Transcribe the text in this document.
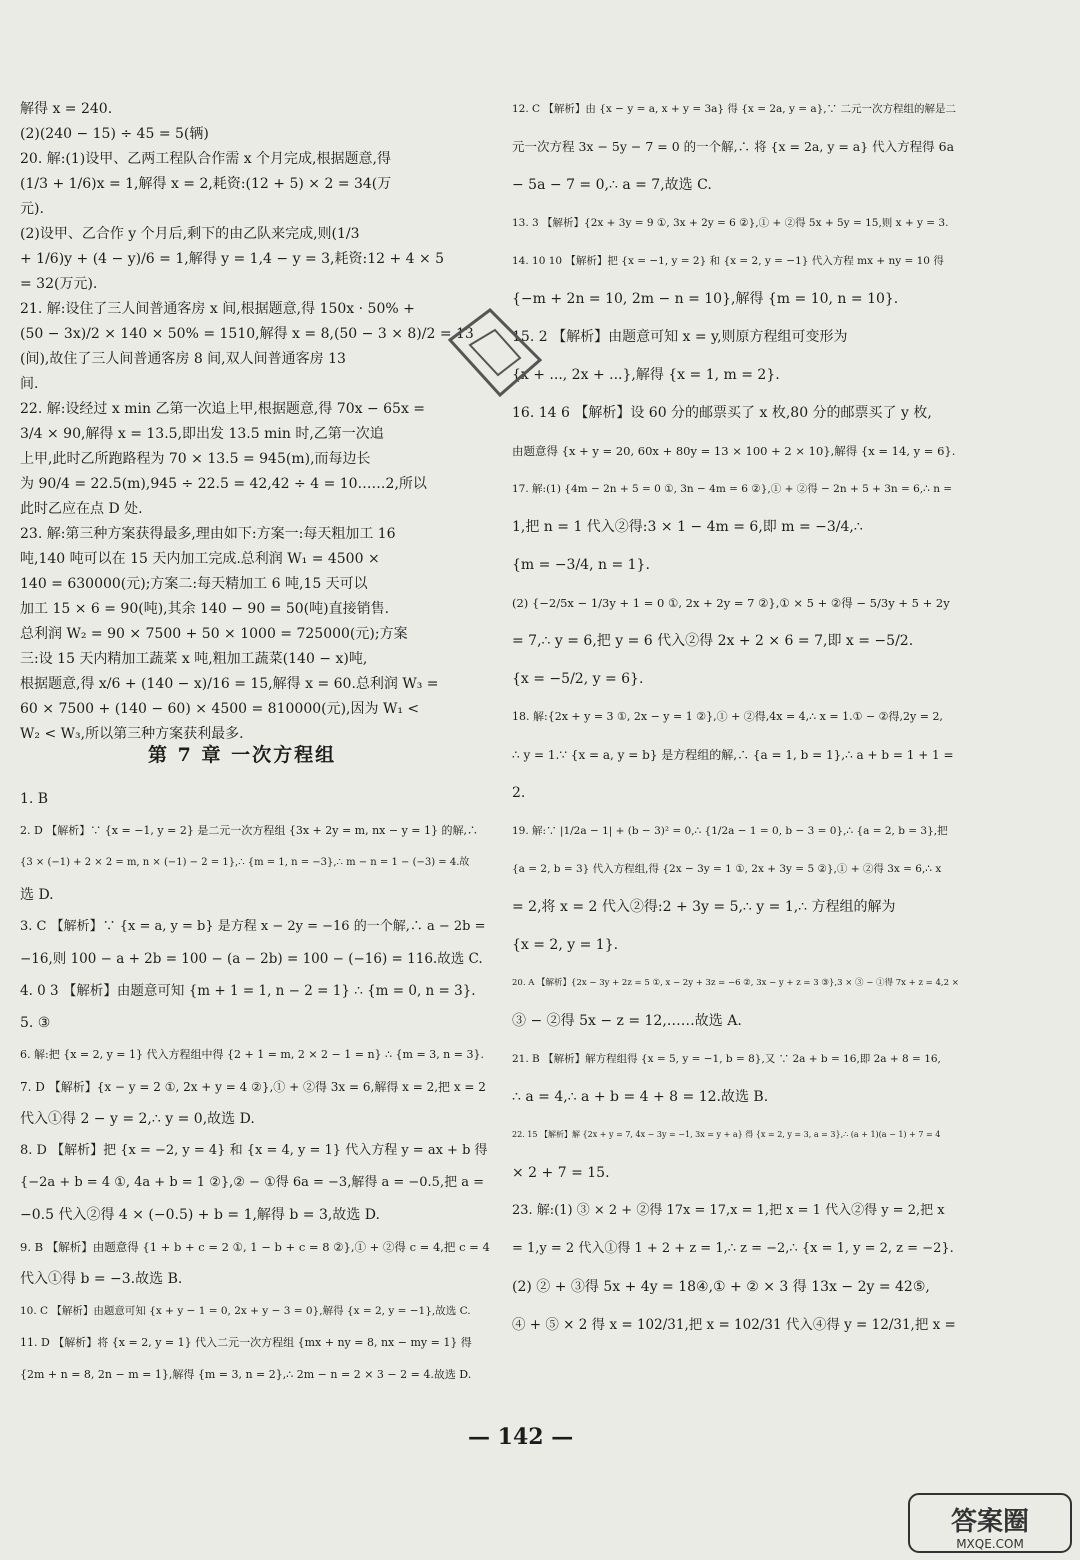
解得 x = 240.
(2)(240 − 15) ÷ 45 = 5(辆)
20. 解:(1)设甲、乙两工程队合作需 x 个月完成,根据题意,得
(1/3 + 1/6)x = 1,解得 x = 2,耗资:(12 + 5) × 2 = 34(万
元).
(2)设甲、乙合作 y 个月后,剩下的由乙队来完成,则(1/3
+ 1/6)y + (4 − y)/6 = 1,解得 y = 1,4 − y = 3,耗资:12 + 4 × 5
= 32(万元).
21. 解:设住了三人间普通客房 x 间,根据题意,得 150x · 50% +
(50 − 3x)/2 × 140 × 50% = 1510,解得 x = 8,(50 − 3 × 8)/2 = 13
(间),故住了三人间普通客房 8 间,双人间普通客房 13
间.
22. 解:设经过 x min 乙第一次追上甲,根据题意,得 70x − 65x =
3/4 × 90,解得 x = 13.5,即出发 13.5 min 时,乙第一次追
上甲,此时乙所跑路程为 70 × 13.5 = 945(m),而每边长
为 90/4 = 22.5(m),945 ÷ 22.5 = 42,42 ÷ 4 = 10……2,所以
此时乙应在点 D 处.
23. 解:第三种方案获得最多,理由如下:方案一:每天粗加工 16
吨,140 吨可以在 15 天内加工完成.总利润 W₁ = 4500 ×
140 = 630000(元);方案二:每天精加工 6 吨,15 天可以
加工 15 × 6 = 90(吨),其余 140 − 90 = 50(吨)直接销售.
总利润 W₂ = 90 × 7500 + 50 × 1000 = 725000(元);方案
三:设 15 天内精加工蔬菜 x 吨,粗加工蔬菜(140 − x)吨,
根据题意,得 x/6 + (140 − x)/16 = 15,解得 x = 60.总利润 W₃ =
60 × 7500 + (140 − 60) × 4500 = 810000(元),因为 W₁ <
W₂ < W₃,所以第三种方案获利最多.
第 7 章 一次方程组
1. B
2. D 【解析】∵ {x = −1, y = 2} 是二元一次方程组 {3x + 2y = m, nx − y = 1} 的解,∴
{3 × (−1) + 2 × 2 = m, n × (−1) − 2 = 1},∴ {m = 1, n = −3},∴ m − n = 1 − (−3) = 4.故
选 D.
3. C 【解析】∵ {x = a, y = b} 是方程 x − 2y = −16 的一个解,∴ a − 2b =
−16,则 100 − a + 2b = 100 − (a − 2b) = 100 − (−16) = 116.故选 C.
4. 0 3 【解析】由题意可知 {m + 1 = 1, n − 2 = 1} ∴ {m = 0, n = 3}.
5. ③
6. 解:把 {x = 2, y = 1} 代入方程组中得 {2 + 1 = m, 2 × 2 − 1 = n} ∴ {m = 3, n = 3}.
7. D 【解析】{x − y = 2 ①, 2x + y = 4 ②},① + ②得 3x = 6,解得 x = 2,把 x = 2
代入①得 2 − y = 2,∴ y = 0,故选 D.
8. D 【解析】把 {x = −2, y = 4} 和 {x = 4, y = 1} 代入方程 y = ax + b 得
{−2a + b = 4 ①, 4a + b = 1 ②},② − ①得 6a = −3,解得 a = −0.5,把 a =
−0.5 代入②得 4 × (−0.5) + b = 1,解得 b = 3,故选 D.
9. B 【解析】由题意得 {1 + b + c = 2 ①, 1 − b + c = 8 ②},① + ②得 c = 4,把 c = 4
代入①得 b = −3.故选 B.
10. C 【解析】由题意可知 {x + y − 1 = 0, 2x + y − 3 = 0},解得 {x = 2, y = −1},故选 C.
11. D 【解析】将 {x = 2, y = 1} 代入二元一次方程组 {mx + ny = 8, nx − my = 1} 得
{2m + n = 8, 2n − m = 1},解得 {m = 3, n = 2},∴ 2m − n = 2 × 3 − 2 = 4.故选 D.
12. C 【解析】由 {x − y = a, x + y = 3a} 得 {x = 2a, y = a},∵ 二元一次方程组的解是二
元一次方程 3x − 5y − 7 = 0 的一个解,∴ 将 {x = 2a, y = a} 代入方程得 6a
− 5a − 7 = 0,∴ a = 7,故选 C.
13. 3 【解析】{2x + 3y = 9 ①, 3x + 2y = 6 ②},① + ②得 5x + 5y = 15,则 x + y = 3.
14. 10 10 【解析】把 {x = −1, y = 2} 和 {x = 2, y = −1} 代入方程 mx + ny = 10 得
{−m + 2n = 10, 2m − n = 10},解得 {m = 10, n = 10}.
15. 2 【解析】由题意可知 x = y,则原方程组可变形为
{x + ..., 2x + ...},解得 {x = 1, m = 2}.
16. 14 6 【解析】设 60 分的邮票买了 x 枚,80 分的邮票买了 y 枚,
由题意得 {x + y = 20, 60x + 80y = 13 × 100 + 2 × 10},解得 {x = 14, y = 6}.
17. 解:(1) {4m − 2n + 5 = 0 ①, 3n − 4m = 6 ②},① + ②得 − 2n + 5 + 3n = 6,∴ n =
1,把 n = 1 代入②得:3 × 1 − 4m = 6,即 m = −3/4,∴
{m = −3/4, n = 1}.
(2) {−2/5x − 1/3y + 1 = 0 ①, 2x + 2y = 7 ②},① × 5 + ②得 − 5/3y + 5 + 2y
= 7,∴ y = 6,把 y = 6 代入②得 2x + 2 × 6 = 7,即 x = −5/2.
{x = −5/2, y = 6}.
18. 解:{2x + y = 3 ①, 2x − y = 1 ②},① + ②得,4x = 4,∴ x = 1.① − ②得,2y = 2,
∴ y = 1.∵ {x = a, y = b} 是方程组的解,∴ {a = 1, b = 1},∴ a + b = 1 + 1 =
2.
19. 解:∵ |1/2a − 1| + (b − 3)² = 0,∴ {1/2a − 1 = 0, b − 3 = 0},∴ {a = 2, b = 3},把
{a = 2, b = 3} 代入方程组,得 {2x − 3y = 1 ①, 2x + 3y = 5 ②},① + ②得 3x = 6,∴ x
= 2,将 x = 2 代入②得:2 + 3y = 5,∴ y = 1,∴ 方程组的解为
{x = 2, y = 1}.
20. A 【解析】{2x − 3y + 2z = 5 ①, x − 2y + 3z = −6 ②, 3x − y + z = 3 ③},3 × ③ − ①得 7x + z = 4,2 ×
③ − ②得 5x − z = 12,……故选 A.
21. B 【解析】解方程组得 {x = 5, y = −1, b = 8},又 ∵ 2a + b = 16,即 2a + 8 = 16,
∴ a = 4,∴ a + b = 4 + 8 = 12.故选 B.
22. 15 【解析】解 {2x + y = 7, 4x − 3y = −1, 3x = y + a} 得 {x = 2, y = 3, a = 3},∴ (a + 1)(a − 1) + 7 = 4
× 2 + 7 = 15.
23. 解:(1) ③ × 2 + ②得 17x = 17,x = 1,把 x = 1 代入②得 y = 2,把 x
= 1,y = 2 代入①得 1 + 2 + z = 1,∴ z = −2,∴ {x = 1, y = 2, z = −2}.
(2) ② + ③得 5x + 4y = 18④,① + ② × 3 得 13x − 2y = 42⑤,
④ + ⑤ × 2 得 x = 102/31,把 x = 102/31 代入④得 y = 12/31,把 x =
— 142 —
答案圈
MXQE.COM
